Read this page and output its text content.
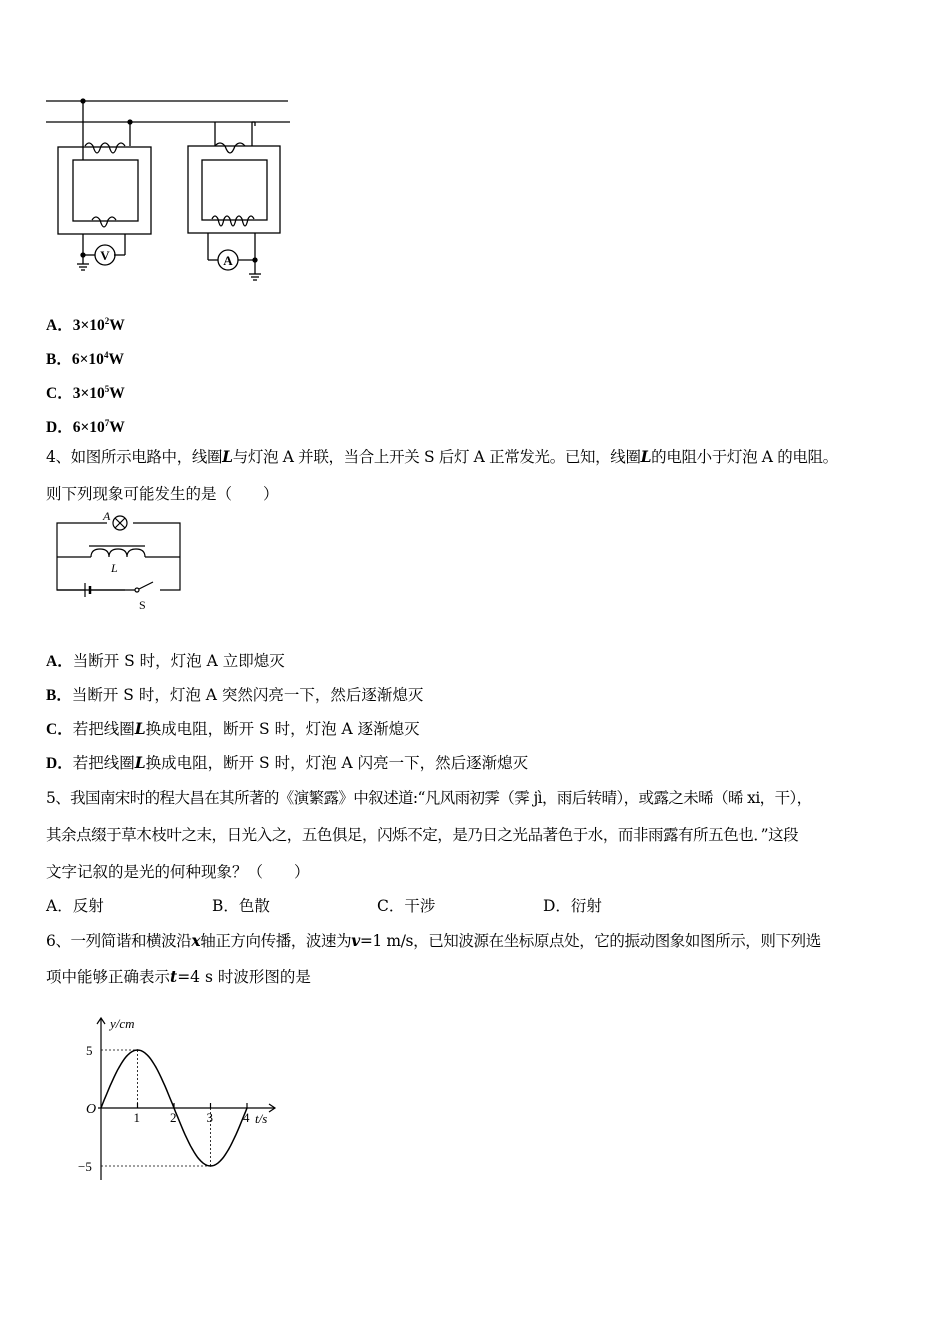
V	A
A．$3\times 10^2W$
B．$6\times 10^4W$
C．$3\times 10^5W$
D．$6\times 10^7W$
4、如图所示电路中，线圈L与灯泡 A 并联，当合上开关 S 后灯 A 正常发光。已知，线圈L的电阻小于灯泡 A 的电阻。
则下列现象可能发生的是（　　）
A
L
S
A．当断开 S 时，灯泡 A 立即熄灭
B．当断开 S 时，灯泡 A 突然闪亮一下，然后逐渐熄灭
C．若把线圈L换成电阻，断开 S 时，灯泡 A 逐渐熄灭
D．若把线圈L换成电阻，断开 S 时，灯泡 A 闪亮一下，然后逐渐熄灭
5、我国南宋时的程大昌在其所著的《演繁露》中叙述道:“凡风雨初霁（霁 jì，雨后转晴），或露之未晞（晞 xi，干），
其余点缀于草木枝叶之末，日光入之，五色俱足，闪烁不定，是乃日之光品著色于水，而非雨露有所五色也．”这段
文字记叙的是光的何种现象？（　　）
A．反射	B．色散	C．干涉	D．衍射
6、一列简谐和横波沿x轴正方向传播，波速为v=1 m/s，已知波源在坐标原点处，它的振动图象如图所示，则下列选
项中能够正确表示t=4 s 时波形图的是
y/cm
t/s
O
1 2 3 4
5
−5
